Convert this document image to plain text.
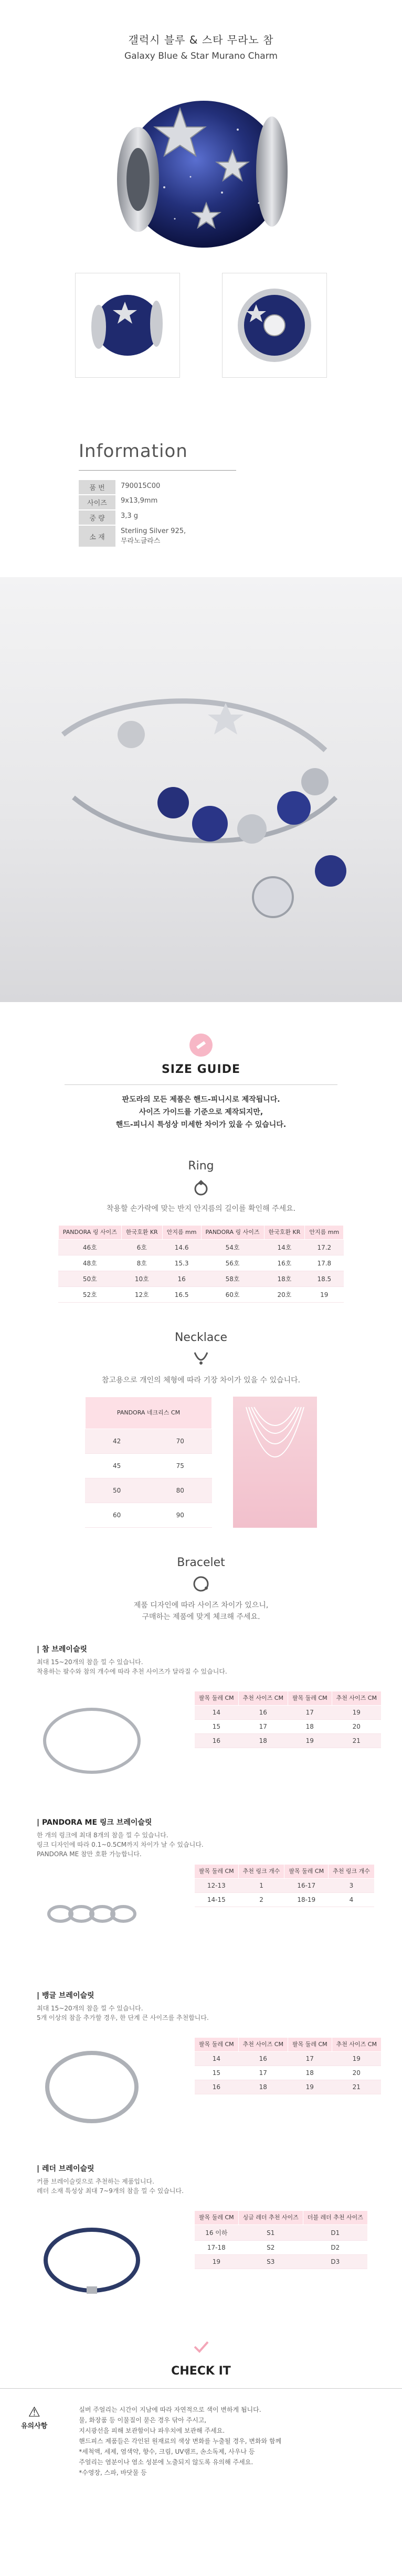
갤럭시 블루 & 스타 무라노 참
Galaxy Blue & Star Murano Charm
Information
품 번	790015C00
사이즈	9x13,9mm
중 량	3,3 g
소 재	Sterling Silver 925, 무라노글라스
SIZE GUIDE

판도라의 모든 제품은 핸드-피니시로 제작됩니다.

사이즈 가이드를 기준으로 제작되지만,

핸드-피니시 특성상 미세한 차이가 있을 수 있습니다.

Ring
착용할 손가락에 맞는 반지 안지름의 길이를 확인해 주세요.
PANDORA 링 사이즈	한국호환 KR	안지름 mm	PANDORA 링 사이즈	한국호환 KR	안지름 mm
46호	6호	14.6	54호	14호	17.2
48호	8호	15.3	56호	16호	17.8
50호	10호	16	58호	18호	18.5
52호	12호	16.5	60호	20호	19
Necklace
참고용으로 개인의 체형에 따라 기장 차이가 있을 수 있습니다.
PANDORA 네크리스 CM	
42	70
45	75
50	80
60	90
Bracelet
제품 디자인에 따라 사이즈 차이가 있으니,
구매하는 제품에 맞게 체크해 주세요.
| 참 브레이슬릿
최대 15~20개의 참을 낄 수 있습니다.
착용하는 팔수와 참의 개수에 따라 추천 사이즈가 달라질 수 있습니다.
팔목 둘레 CM	추천 사이즈 CM	팔목 둘레 CM	추천 사이즈 CM
14	16	17	19
15	17	18	20
16	18	19	21
| PANDORA ME 링크 브레이슬릿
한 개의 링크에 최대 8개의 참을 낄 수 있습니다.
링크 디자인에 따라 0.1~0.5CM까지 차이가 날 수 있습니다.
PANDORA ME 참만 호환 가능합니다.
팔목 둘레 CM	추천 링크 개수	팔목 둘레 CM	추천 링크 개수
12-13	1	16-17	3
14-15	2	18-19	4
| 뱅글 브레이슬릿
최대 15~20개의 참을 낄 수 있습니다.
5개 이상의 참을 추가할 경우, 한 단계 큰 사이즈를 추천합니다.
팔목 둘레 CM	추천 사이즈 CM	팔목 둘레 CM	추천 사이즈 CM
14	16	17	19
15	17	18	20
16	18	19	21
| 레더 브레이슬릿
커플 브레이슬릿으로 추천하는 제품입니다.
레더 소재 특성상 최대 7~9개의 참을 낄 수 있습니다.
팔목 둘레 CM	싱글 레더 추천 사이즈	더블 레더 추천 사이즈
16 이하	S1	D1
17-18	S2	D2
19	S3	D3
CHECK IT
⚠
유의사항
실버 주얼리는 시간이 지남에 따라 자연적으로 색이 변하게 됩니다.
물, 화장품 등 이물질이 묻은 경우 닦아 주시고,
지시광선을 피해 보관함이나 파우치에 보관해 주세요.
핸드피스 제품들은 각인된 원재료의 색상 변화를 누출될 경우, 변화와 함께
*세척액, 세제, 염색약, 향수, 크림, UV램프, 손소독제, 사우나 등
주얼리는 염분이나 염소 성분에 노출되지 않도록 유의해 주세요.
*수영장, 스파, 바닷물 등
